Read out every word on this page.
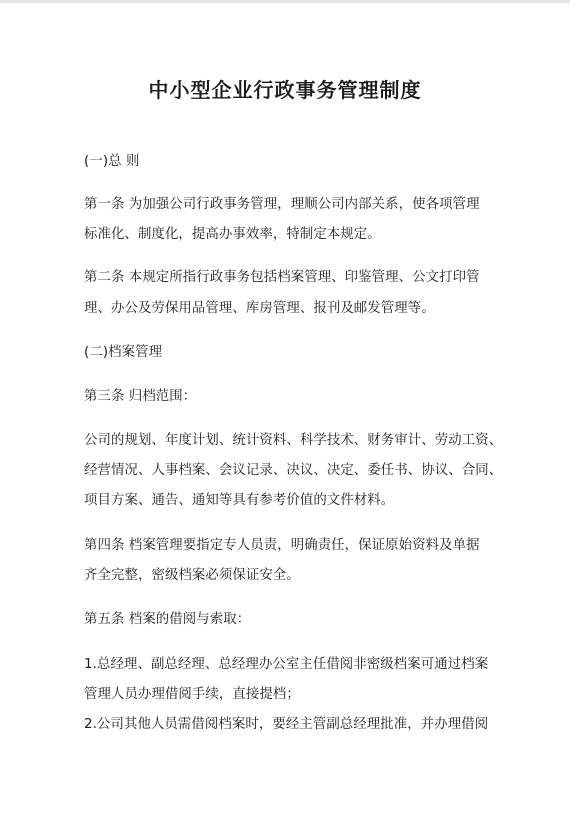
中小型企业行政事务管理制度
(一)总 则
第一条 为加强公司行政事务管理，理顺公司内部关系，使各项管理
标准化、制度化，提高办事效率，特制定本规定。
第二条 本规定所指行政事务包括档案管理、印鉴管理、公文打印管
理、办公及劳保用品管理、库房管理、报刊及邮发管理等。
(二)档案管理
第三条 归档范围：
公司的规划、年度计划、统计资料、科学技术、财务审计、劳动工资、
经营情况、人事档案、会议记录、决议、决定、委任书、协议、合同、
项目方案、通告、通知等具有参考价值的文件材料。
第四条 档案管理要指定专人员责，明确责任，保证原始资料及单据
齐全完整，密级档案必须保证安全。
第五条 档案的借阅与索取：
1.总经理、副总经理、总经理办公室主任借阅非密级档案可通过档案
管理人员办理借阅手续，直接提档；
2.公司其他人员需借阅档案时，要经主管副总经理批准，并办理借阅
